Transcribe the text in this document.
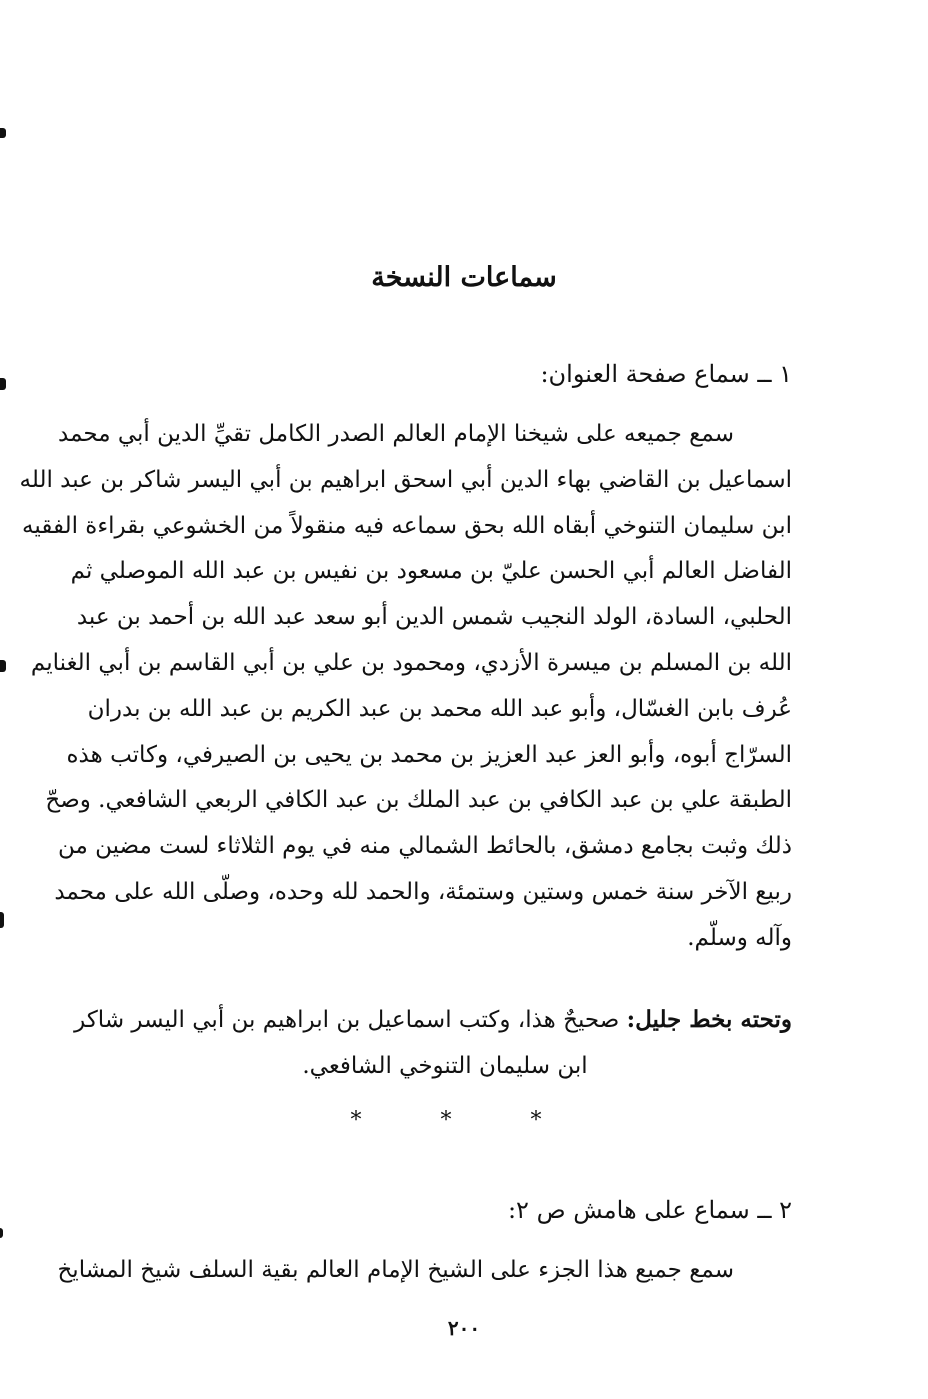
سماعات النسخة
١ ــ سماع صفحة العنوان:
سمع جميعه على شيخنا الإمام العالم الصدر الكامل تقيِّ الدين أبي محمد
اسماعيل بن القاضي بهاء الدين أبي اسحق ابراهيم بن أبي اليسر شاكر بن عبد الله
ابن سليمان التنوخي أبقاه الله بحق سماعه فيه منقولاً من الخشوعي بقراءة الفقيه
الفاضل العالم أبي الحسن عليّ بن مسعود بن نفيس بن عبد الله الموصلي ثم
الحلبي، السادة، الولد النجيب شمس الدين أبو سعد عبد الله بن أحمد بن عبد
الله بن المسلم بن ميسرة الأزدي، ومحمود بن علي بن أبي القاسم بن أبي الغنايم
عُرف بابن الغسّال، وأبو عبد الله محمد بن عبد الكريم بن عبد الله بن بدران
السرّاج أبوه، وأبو العز عبد العزيز بن محمد بن يحيى بن الصيرفي، وكاتب هذه
الطبقة علي بن عبد الكافي بن عبد الملك بن عبد الكافي الربعي الشافعي. وصحّ
ذلك وثبت بجامع دمشق، بالحائط الشمالي منه في يوم الثلاثاء لست مضين من
ربيع الآخر سنة خمس وستين وستمئة، والحمد لله وحده، وصلّى الله على محمد
وآله وسلّم.
وتحته بخط جليل: صحيحٌ هذا، وكتب اسماعيل بن ابراهيم بن أبي اليسر شاكر
ابن سليمان التنوخي الشافعي.
* * *
٢ ــ سماع على هامش ص ٢:
سمع جميع هذا الجزء على الشيخ الإمام العالم بقية السلف شيخ المشايخ
٢٠٠
